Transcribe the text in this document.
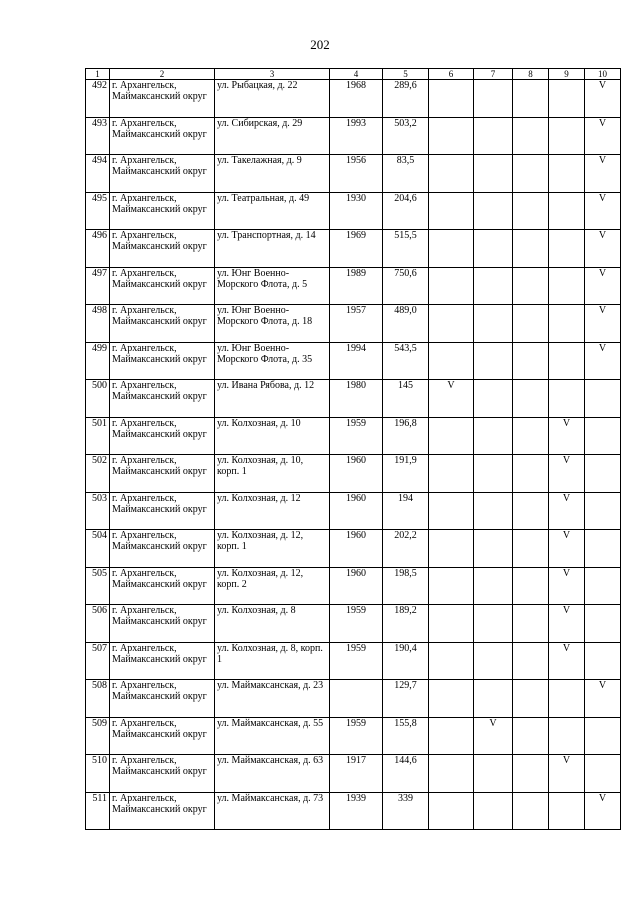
202
1	2	3	4	5	6	7	8	9	10
492	г. Архангельск, Маймаксанский округ	ул. Рыбацкая, д. 22	1968	289,6					V
493	г. Архангельск, Маймаксанский округ	ул. Сибирская, д. 29	1993	503,2					V
494	г. Архангельск, Маймаксанский округ	ул. Такелажная, д. 9	1956	83,5					V
495	г. Архангельск, Маймаксанский округ	ул. Театральная, д. 49	1930	204,6					V
496	г. Архангельск, Маймаксанский округ	ул. Транспортная, д. 14	1969	515,5					V
497	г. Архангельск, Маймаксанский округ	ул. Юнг Военно-Морского Флота, д. 5	1989	750,6					V
498	г. Архангельск, Маймаксанский округ	ул. Юнг Военно-Морского Флота, д. 18	1957	489,0					V
499	г. Архангельск, Маймаксанский округ	ул. Юнг Военно-Морского Флота, д. 35	1994	543,5					V
500	г. Архангельск, Маймаксанский округ	ул. Ивана Рябова, д. 12	1980	145	V				
501	г. Архангельск, Маймаксанский округ	ул. Колхозная, д. 10	1959	196,8				V	
502	г. Архангельск, Маймаксанский округ	ул. Колхозная, д. 10, корп. 1	1960	191,9				V	
503	г. Архангельск, Маймаксанский округ	ул. Колхозная, д. 12	1960	194				V	
504	г. Архангельск, Маймаксанский округ	ул. Колхозная, д. 12, корп. 1	1960	202,2				V	
505	г. Архангельск, Маймаксанский округ	ул. Колхозная, д. 12, корп. 2	1960	198,5				V	
506	г. Архангельск, Маймаксанский округ	ул. Колхозная, д. 8	1959	189,2				V	
507	г. Архангельск, Маймаксанский округ	ул. Колхозная, д. 8, корп. 1	1959	190,4				V	
508	г. Архангельск, Маймаксанский округ	ул. Маймаксанская, д. 23		129,7					V
509	г. Архангельск, Маймаксанский округ	ул. Маймаксанская, д. 55	1959	155,8		V			
510	г. Архангельск, Маймаксанский округ	ул. Маймаксанская, д. 63	1917	144,6				V	
511	г. Архангельск, Маймаксанский округ	ул. Маймаксанская, д. 73	1939	339					V
